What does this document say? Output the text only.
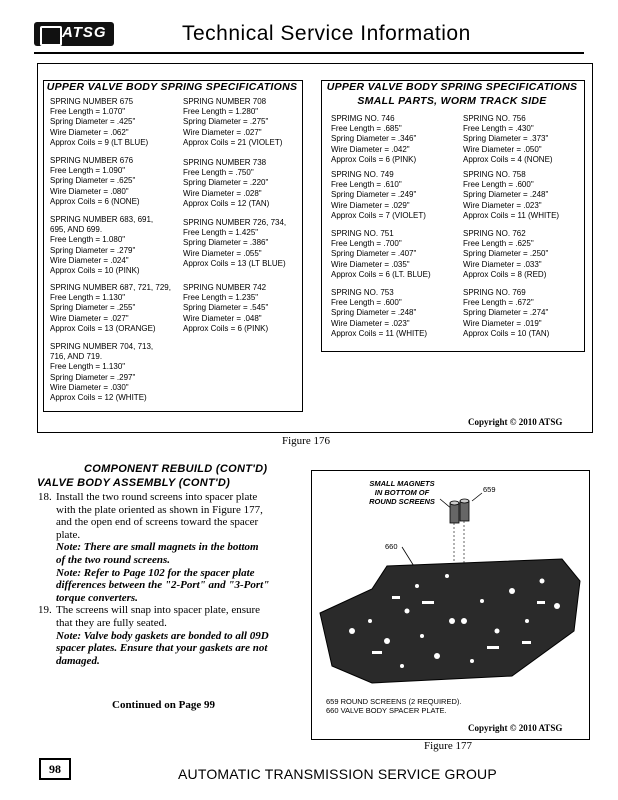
ATSG	Technical Service Information
UPPER VALVE BODY SPRING SPECIFICATIONS	UPPER VALVE BODY SPRING SPECIFICATIONS
SMALL PARTS, WORM TRACK SIDE
SPRING NUMBER 675
Free Length = 1.070"
Spring Diameter = .425"
Wire Diameter = .062"
Approx Coils = 9 (LT BLUE)
SPRING NUMBER 676
Free Length = 1.090"
Spring Diameter = .625"
Wire Diameter = .080"
Approx Coils = 6 (NONE)
SPRING NUMBER 683, 691,
695, AND 699.
Free Length = 1.080"
Spring Diameter = .279"
Wire Diameter = .024"
Approx Coils = 10 (PINK)
SPRING NUMBER 687, 721, 729,
Free Length = 1.130"
Spring Diameter = .255"
Wire Diameter = .027"
Approx Coils = 13 (ORANGE)
SPRING NUMBER 704, 713,
716, AND 719.
Free Length = 1.130"
Spring Diameter = .297"
Wire Diameter = .030"
Approx Coils = 12 (WHITE)
SPRING NUMBER 708
Free Length = 1.280"
Spring Diameter = .275"
Wire Diameter = .027"
Approx Coils = 21 (VIOLET)
SPRING NUMBER 738
Free Length = .750"
Spring Diameter = .220"
Wire Diameter = .028"
Approx Coils = 12 (TAN)
SPRING NUMBER 726, 734,
Free Length = 1.425"
Spring Diameter = .386"
Wire Diameter = .055"
Approx Coils = 13 (LT BLUE)
SPRING NUMBER 742
Free Length = 1.235"
Spring Diameter = .545"
Wire Diameter = .048"
Approx Coils = 6 (PINK)
SPRIMG NO. 746
Free Length = .685"
Spring Diameter = .346"
Wire Diameter = .042"
Approx Coils = 6 (PINK)
SPRING NO. 749
Free Length = .610"
Spring Diameter = .249"
Wire Diameter = .029"
Approx Coils = 7 (VIOLET)
SPRING NO. 751
Free Length = .700"
Spring Diameter = .407"
Wire Diameter = .035"
Approx Coils = 6 (LT. BLUE)
SPRING NO. 753
Free Length = .600"
Spring Diameter = .248"
Wire Diameter = .023"
Approx Coils = 11 (WHITE)
SPRING NO. 756
Free Length = .430"
Spring Diameter = .373"
Wire Diameter = .050"
Approx Coils = 4 (NONE)
SPRING NO. 758
Free Length = .600"
Spring Diameter = .248"
Wire Diameter = .023"
Approx Coils = 11 (WHITE)
SPRING NO. 762
Free Length = .625"
Spring Diameter = .250"
Wire Diameter = .033"
Approx Coils = 8 (RED)
SPRING NO. 769
Free Length = .672"
Spring Diameter = .274"
Wire Diameter = .019"
Approx Coils = 10 (TAN)
Copyright © 2010 ATSG
Figure 176
COMPONENT REBUILD (CONT'D)
VALVE BODY ASSEMBLY (CONT'D)
18. Install the two round screens into spacer plate
with the plate oriented as shown in Figure 177,
and the open end of screens toward the spacer
plate.
Note: There are small magnets in the bottom
of the two round screens.
Note: Refer to Page 102 for the spacer plate
differences between the "2-Port" and "3-Port"
torque converters.
19. The screens will snap into spacer plate, ensure
that they are fully seated.
Note: Valve body gaskets are bonded to all 09D
spacer plates. Ensure that your gaskets are not
damaged.
Continued on Page 99
SMALL MAGNETS
IN BOTTOM OF
ROUND SCREENS
659
660
659 ROUND SCREENS (2 REQUIRED).
660 VALVE BODY SPACER PLATE.
Copyright © 2010 ATSG
Figure 177
98	AUTOMATIC TRANSMISSION SERVICE GROUP
